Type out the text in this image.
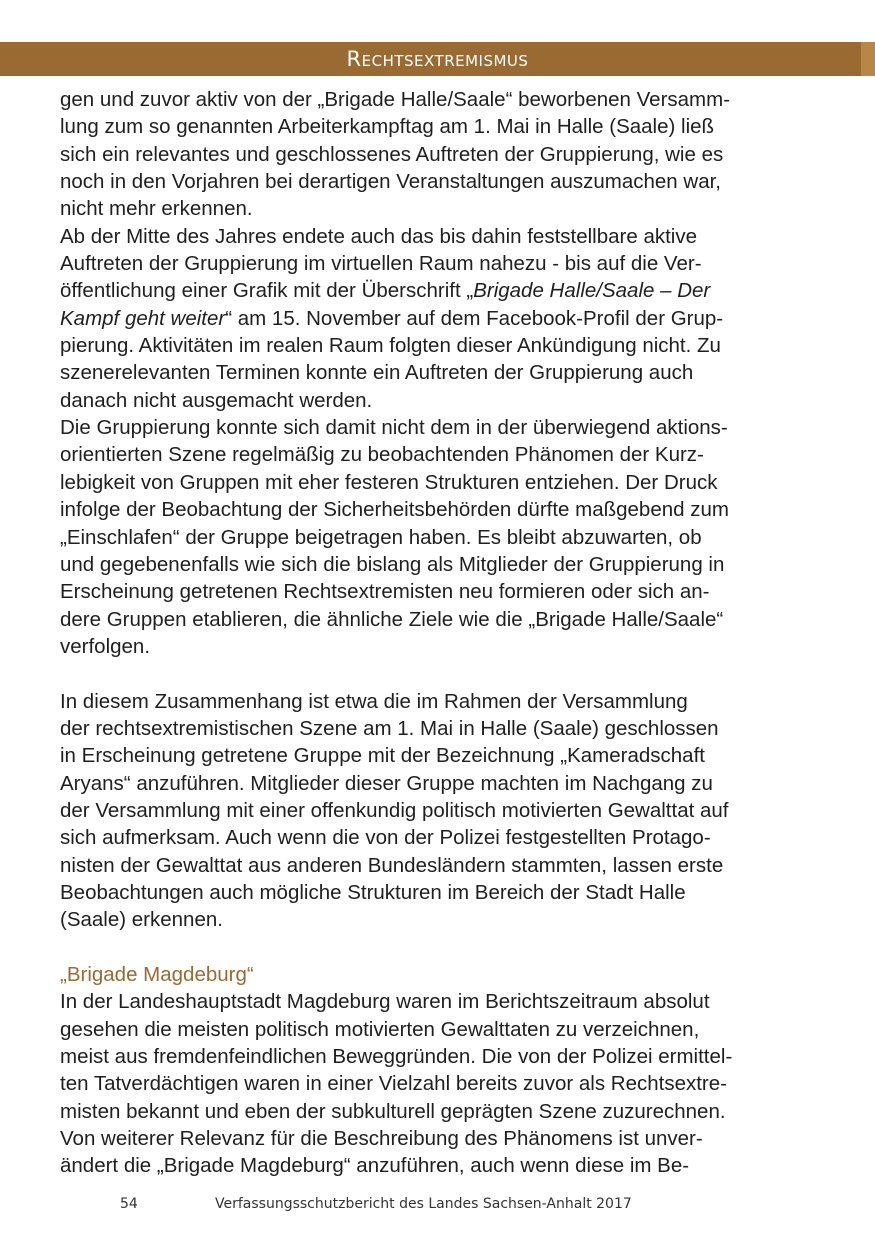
Rechtsextremismus
gen und zuvor aktiv von der „Brigade Halle/Saale“ beworbenen Versamm-
lung zum so genannten Arbeiterkampftag am 1. Mai in Halle (Saale) ließ
sich ein relevantes und geschlossenes Auftreten der Gruppierung, wie es
noch in den Vorjahren bei derartigen Veranstaltungen auszumachen war,
nicht mehr erkennen.
Ab der Mitte des Jahres endete auch das bis dahin feststellbare aktive
Auftreten der Gruppierung im virtuellen Raum nahezu - bis auf die Ver-
öffentlichung einer Grafik mit der Überschrift „Brigade Halle/Saale – Der
Kampf geht weiter“ am 15. November auf dem Facebook-Profil der Grup-
pierung. Aktivitäten im realen Raum folgten dieser Ankündigung nicht. Zu
szenerelevanten Terminen konnte ein Auftreten der Gruppierung auch
danach nicht ausgemacht werden.
Die Gruppierung konnte sich damit nicht dem in der überwiegend aktions-
orientierten Szene regelmäßig zu beobachtenden Phänomen der Kurz-
lebigkeit von Gruppen mit eher festeren Strukturen entziehen. Der Druck
infolge der Beobachtung der Sicherheitsbehörden dürfte maßgebend zum
„Einschlafen“ der Gruppe beigetragen haben. Es bleibt abzuwarten, ob
und gegebenenfalls wie sich die bislang als Mitglieder der Gruppierung in
Erscheinung getretenen Rechtsextremisten neu formieren oder sich an-
dere Gruppen etablieren, die ähnliche Ziele wie die „Brigade Halle/Saale“
verfolgen.
In diesem Zusammenhang ist etwa die im Rahmen der Versammlung
der rechtsextremistischen Szene am 1. Mai in Halle (Saale) geschlossen
in Erscheinung getretene Gruppe mit der Bezeichnung „Kameradschaft
Aryans“ anzuführen. Mitglieder dieser Gruppe machten im Nachgang zu
der Versammlung mit einer offenkundig politisch motivierten Gewalttat auf
sich aufmerksam. Auch wenn die von der Polizei festgestellten Protago-
nisten der Gewalttat aus anderen Bundesländern stammten, lassen erste
Beobachtungen auch mögliche Strukturen im Bereich der Stadt Halle
(Saale) erkennen.
„Brigade Magdeburg“
In der Landeshauptstadt Magdeburg waren im Berichtszeitraum absolut
gesehen die meisten politisch motivierten Gewalttaten zu verzeichnen,
meist aus fremdenfeindlichen Beweggründen. Die von der Polizei ermittel-
ten Tatverdächtigen waren in einer Vielzahl bereits zuvor als Rechtsextre-
misten bekannt und eben der subkulturell geprägten Szene zuzurechnen.
Von weiterer Relevanz für die Beschreibung des Phänomens ist unver-
ändert die „Brigade Magdeburg“ anzuführen, auch wenn diese im Be-
54	Verfassungsschutzbericht des Landes Sachsen-Anhalt 2017
